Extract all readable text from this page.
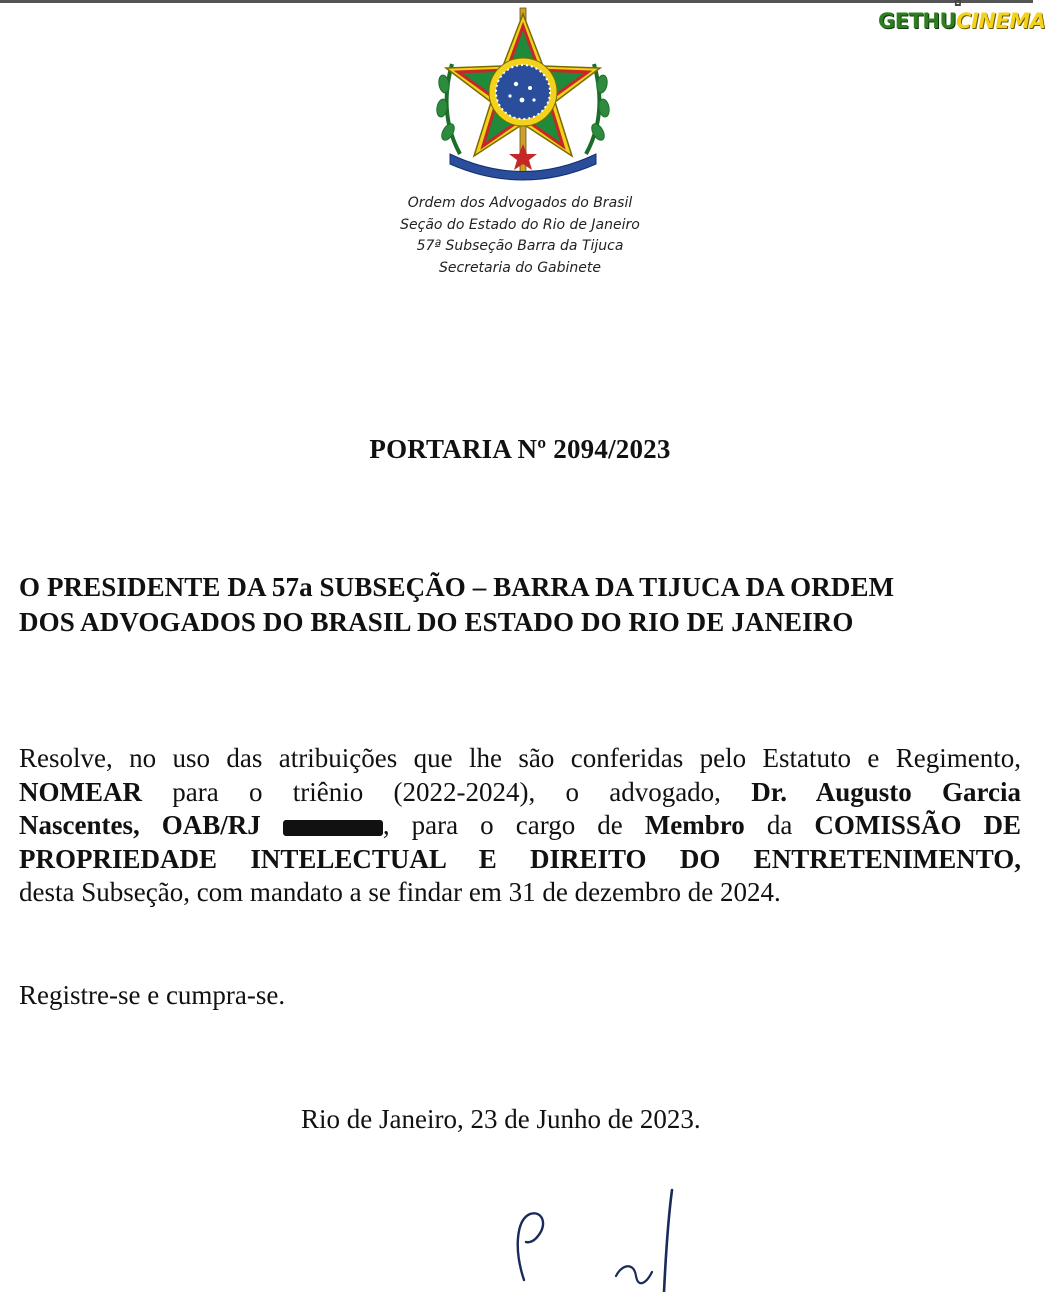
GETHU CINEMA
◘
Ordem dos Advogados do Brasil
Seção do Estado do Rio de Janeiro
57ª Subseção Barra da Tijuca
Secretaria do Gabinete
PORTARIA Nº 2094/2023
O PRESIDENTE DA 57a SUBSEÇÃO – BARRA DA TIJUCA DA ORDEM
DOS ADVOGADOS DO BRASIL DO ESTADO DO RIO DE JANEIRO
Resolve, no uso das atribuições que lhe são conferidas pelo Estatuto e Regimento,
NOMEAR para o triênio (2022-2024), o advogado, Dr. Augusto Garcia
Nascentes, OAB/RJ	, para o cargo de Membro da COMISSÃO DE
PROPRIEDADE INTELECTUAL E DIREITO DO ENTRETENIMENTO,
desta Subseção, com mandato a se findar em 31 de dezembro de 2024.
Registre-se e cumpra-se.
Rio de Janeiro, 23 de Junho de 2023.
